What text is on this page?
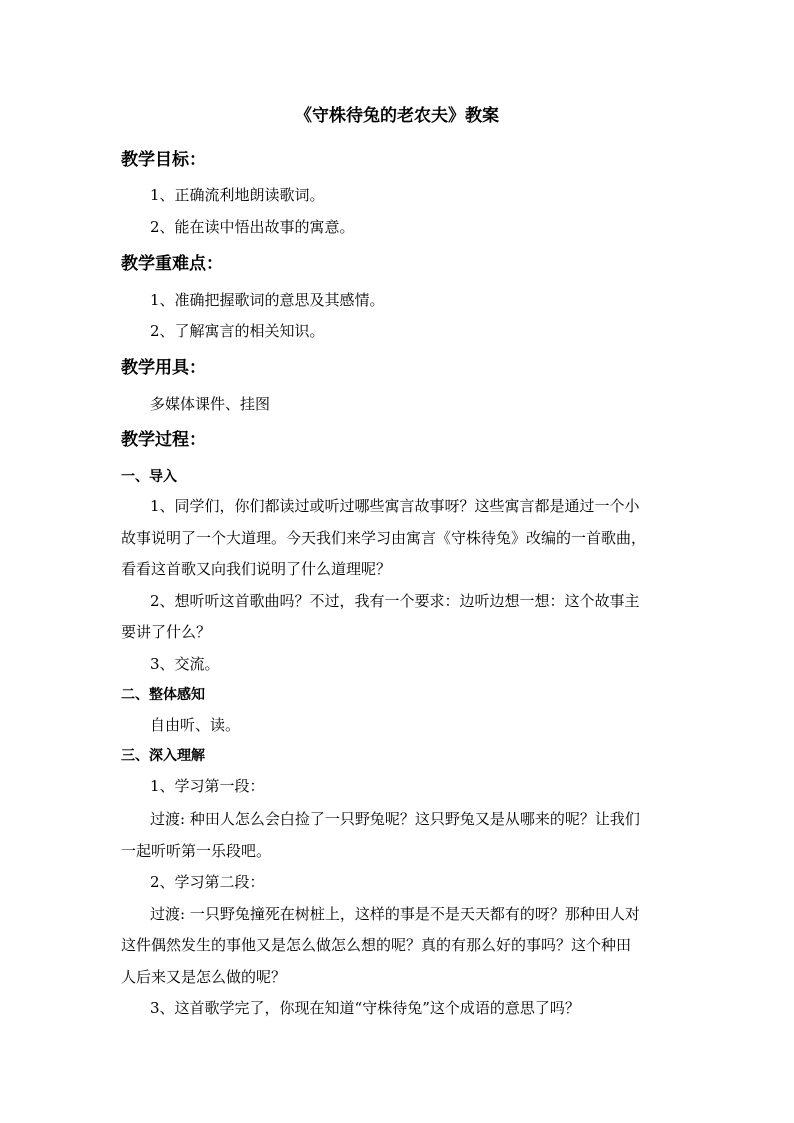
《守株待兔的老农夫》教案
教学目标：
1、正确流利地朗读歌词。
2、能在读中悟出故事的寓意。
教学重难点：
1、准确把握歌词的意思及其感情。
2、了解寓言的相关知识。
教学用具：
多媒体课件、挂图
教学过程：
一、导入
1、同学们，你们都读过或听过哪些寓言故事呀？这些寓言都是通过一个小
故事说明了一个大道理。今天我们来学习由寓言《守株待兔》改编的一首歌曲，
看看这首歌又向我们说明了什么道理呢？
2、想听听这首歌曲吗？不过，我有一个要求：边听边想一想：这个故事主
要讲了什么？
3、交流。
二、整体感知
自由听、读。
三、深入理解
1、学习第一段：
过渡: 种田人怎么会白捡了一只野兔呢？这只野兔又是从哪来的呢？让我们
一起听听第一乐段吧。
2、学习第二段：
过渡: 一只野兔撞死在树桩上，这样的事是不是天天都有的呀？那种田人对
这件偶然发生的事他又是怎么做怎么想的呢？真的有那么好的事吗？这个种田
人后来又是怎么做的呢？
3、这首歌学完了，你现在知道“守株待兔”这个成语的意思了吗？
